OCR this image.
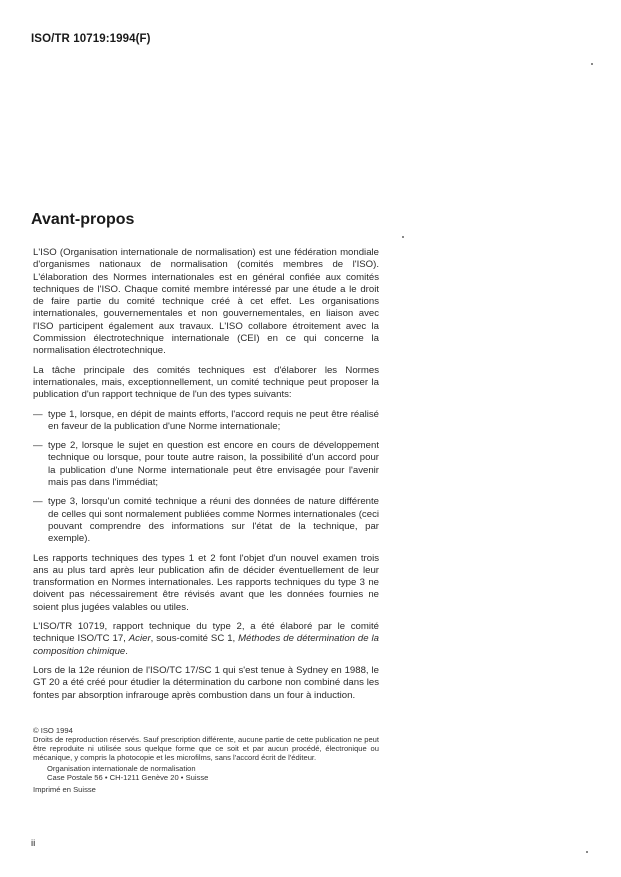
ISO/TR 10719:1994(F)
Avant-propos

L'ISO (Organisation internationale de normalisation) est une fédération mondiale d'organismes nationaux de normalisation (comités membres de l'ISO). L'élaboration des Normes internationales est en général confiée aux comités techniques de l'ISO. Chaque comité membre intéressé par une étude a le droit de faire partie du comité technique créé à cet effet. Les organisations internationales, gouvernementales et non gouvernementales, en liaison avec l'ISO participent également aux travaux. L'ISO collabore étroitement avec la Commission électrotechnique internationale (CEI) en ce qui concerne la normalisation électrotechnique.

La tâche principale des comités techniques est d'élaborer les Normes internationales, mais, exceptionnellement, un comité technique peut proposer la publication d'un rapport technique de l'un des types suivants:

— type 1, lorsque, en dépit de maints efforts, l'accord requis ne peut être réalisé en faveur de la publication d'une Norme internationale;
— type 2, lorsque le sujet en question est encore en cours de développement technique ou lorsque, pour toute autre raison, la possibilité d'un accord pour la publication d'une Norme internationale peut être envisagée pour l'avenir mais pas dans l'immédiat;
— type 3, lorsqu'un comité technique a réuni des données de nature différente de celles qui sont normalement publiées comme Normes internationales (ceci pouvant comprendre des informations sur l'état de la technique, par exemple).

Les rapports techniques des types 1 et 2 font l'objet d'un nouvel examen trois ans au plus tard après leur publication afin de décider éventuellement de leur transformation en Normes internationales. Les rapports techniques du type 3 ne doivent pas nécessairement être révisés avant que les données fournies ne soient plus jugées valables ou utiles.

L'ISO/TR 10719, rapport technique du type 2, a été élaboré par le comité technique ISO/TC 17, Acier, sous-comité SC 1, Méthodes de détermination de la composition chimique.

Lors de la 12e réunion de l'ISO/TC 17/SC 1 qui s'est tenue à Sydney en 1988, le GT 20 a été créé pour étudier la détermination du carbone non combiné dans les fontes par absorption infrarouge après combustion dans un four à induction.

© ISO 1994

Droits de reproduction réservés. Sauf prescription différente, aucune partie de cette publication ne peut être reproduite ni utilisée sous quelque forme que ce soit et par aucun procédé, électronique ou mécanique, y compris la photocopie et les microfilms, sans l'accord écrit de l'éditeur.

Organisation internationale de normalisation

Case Postale 56 • CH-1211 Genève 20 • Suisse

Imprimé en Suisse

ii
